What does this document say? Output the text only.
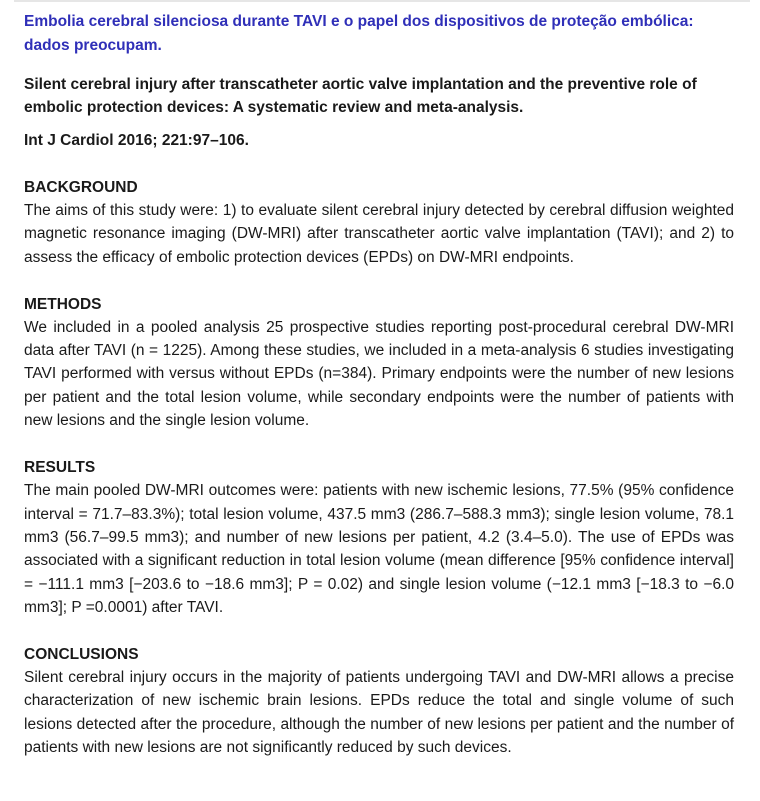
Embolia cerebral silenciosa durante TAVI e o papel dos dispositivos de proteção embólica: dados preocupam.

Silent cerebral injury after transcatheter aortic valve implantation and the preventive role of embolic protection devices: A systematic review and meta-analysis.

Int J Cardiol 2016; 221:97–106.

BACKGROUND

The aims of this study were: 1) to evaluate silent cerebral injury detected by cerebral diffusion weighted magnetic resonance imaging (DW-MRI) after transcatheter aortic valve implantation (TAVI); and 2) to assess the efficacy of embolic protection devices (EPDs) on DW-MRI endpoints.

METHODS

We included in a pooled analysis 25 prospective studies reporting post-procedural cerebral DW-MRI data after TAVI (n = 1225). Among these studies, we included in a meta-analysis 6 studies investigating TAVI performed with versus without EPDs (n=384). Primary endpoints were the number of new lesions per patient and the total lesion volume, while secondary endpoints were the number of patients with new lesions and the single lesion volume.

RESULTS

The main pooled DW-MRI outcomes were: patients with new ischemic lesions, 77.5% (95% confidence interval = 71.7–83.3%); total lesion volume, 437.5 mm3 (286.7–588.3 mm3); single lesion volume, 78.1 mm3 (56.7–99.5 mm3); and number of new lesions per patient, 4.2 (3.4–5.0). The use of EPDs was associated with a significant reduction in total lesion volume (mean difference [95% confidence interval] = −111.1 mm3 [−203.6 to −18.6 mm3]; P = 0.02) and single lesion volume (−12.1 mm3 [−18.3 to −6.0 mm3]; P =0.0001) after TAVI.

CONCLUSIONS

Silent cerebral injury occurs in the majority of patients undergoing TAVI and DW-MRI allows a precise characterization of new ischemic brain lesions. EPDs reduce the total and single volume of such lesions detected after the procedure, although the number of new lesions per patient and the number of patients with new lesions are not significantly reduced by such devices.
